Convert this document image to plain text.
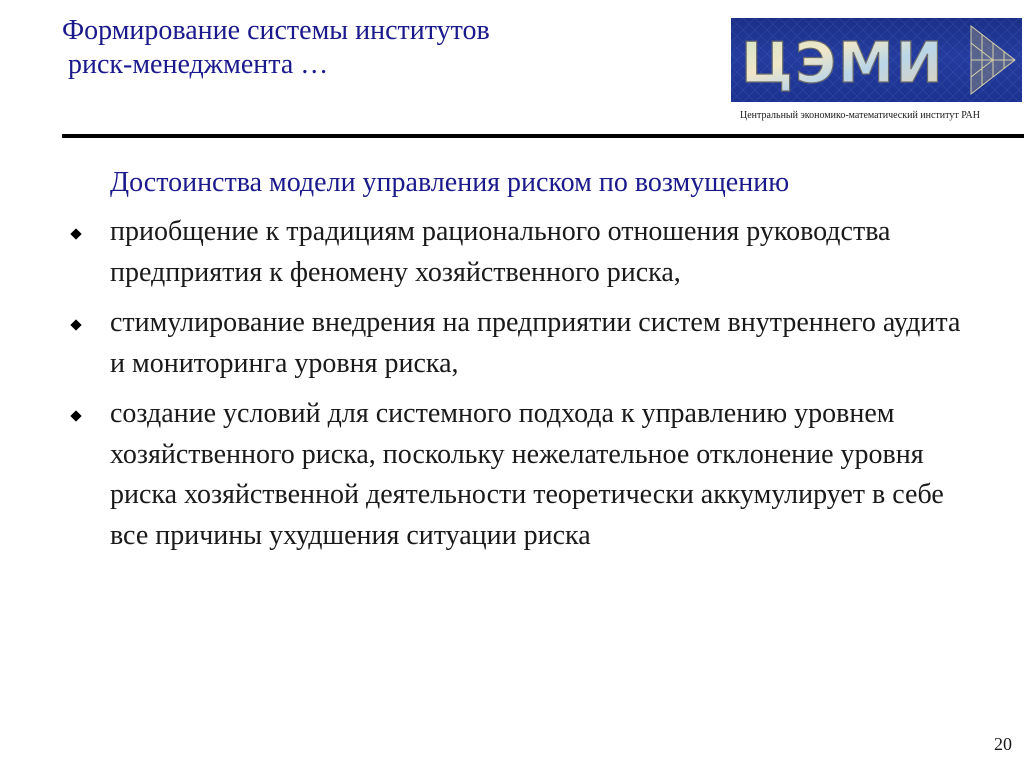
Формирование системы институтов
риск-менеджмента …	ЦЭМИ
Центральный экономико-математический институт РАН
Достоинства модели управления риском по возмущению
приобщение к традициям рационального отношения руководства предприятия к феномену хозяйственного риска,
стимулирование внедрения на предприятии систем внутреннего аудита и мониторинга уровня риска,
создание условий для системного подхода к управлению уровнем хозяйственного риска, поскольку нежелательное отклонение уровня риска хозяйственной деятельности теоретически аккумулирует в себе все причины ухудшения ситуации риска
20
